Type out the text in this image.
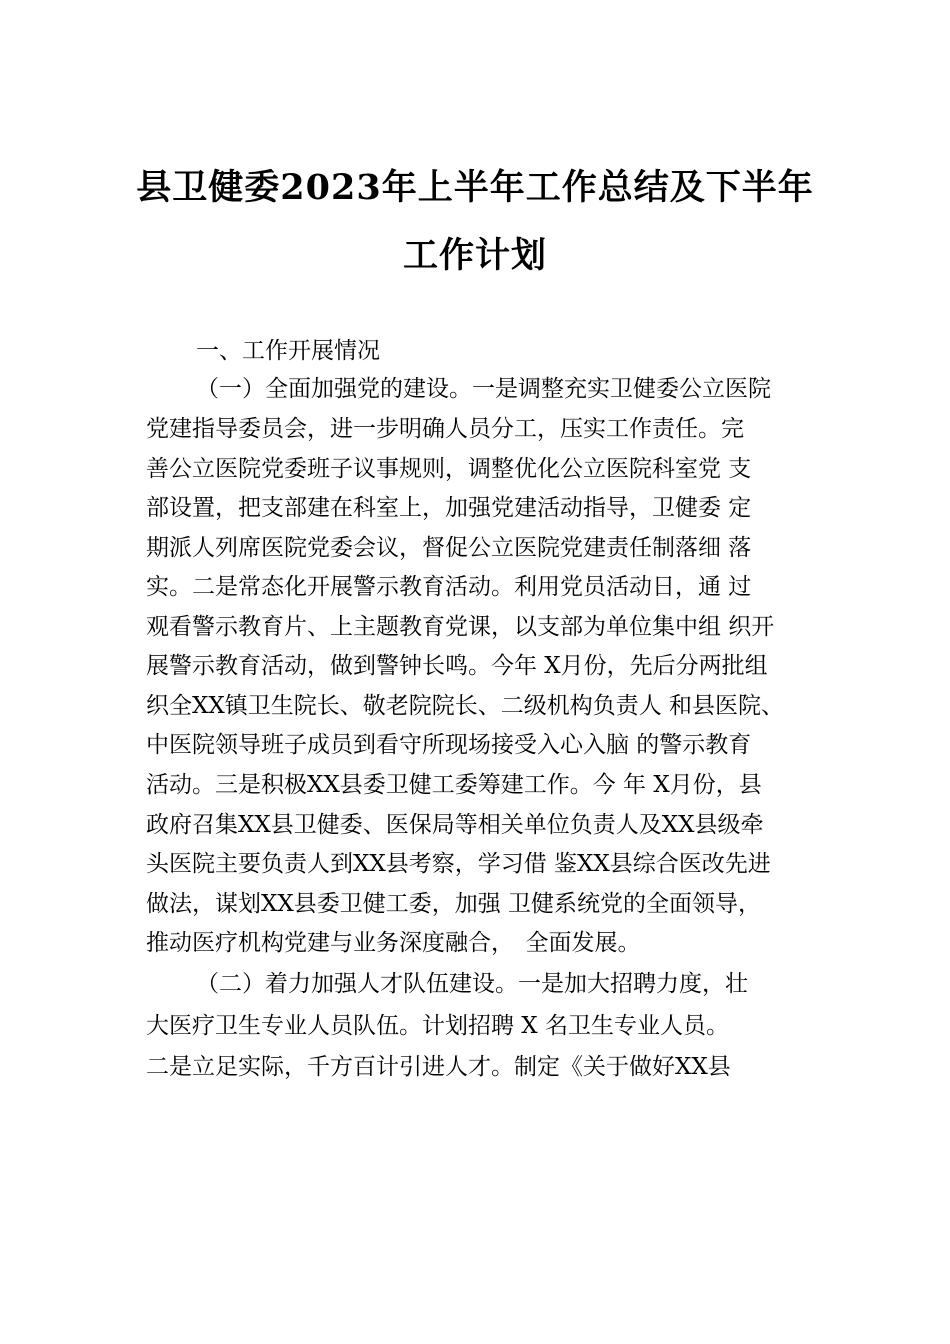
县卫健委2023年上半年工作总结及下半年
工作计划

一、工作开展情况

（一）全面加强党的建设。一是调整充实卫健委公立医院

党建指导委员会，进一步明确人员分工，压实工作责任。完

善公立医院党委班子议事规则，调整优化公立医院科室党 支

部设置，把支部建在科室上，加强党建活动指导，卫健委 定

期派人列席医院党委会议，督促公立医院党建责任制落细 落

实。二是常态化开展警示教育活动。利用党员活动日，通 过

观看警示教育片、上主题教育党课，以支部为单位集中组 织开

展警示教育活动，做到警钟长鸣。今年 X月份，先后分两批组

织全XX镇卫生院长、敬老院院长、二级机构负责人 和县医院、

中医院领导班子成员到看守所现场接受入心入脑 的警示教育

活动。三是积极XX县委卫健工委筹建工作。今 年 X月份，县

政府召集XX县卫健委、医保局等相关单位负责人及XX县级牵

头医院主要负责人到XX县考察，学习借 鉴XX县综合医改先进

做法，谋划XX县委卫健工委，加强 卫健系统党的全面领导，

推动医疗机构党建与业务深度融合，　全面发展。

（二）着力加强人才队伍建设。一是加大招聘力度，壮

大医疗卫生专业人员队伍。计划招聘 X 名卫生专业人员。

二是立足实际，千方百计引进人才。制定《关于做好XX县
